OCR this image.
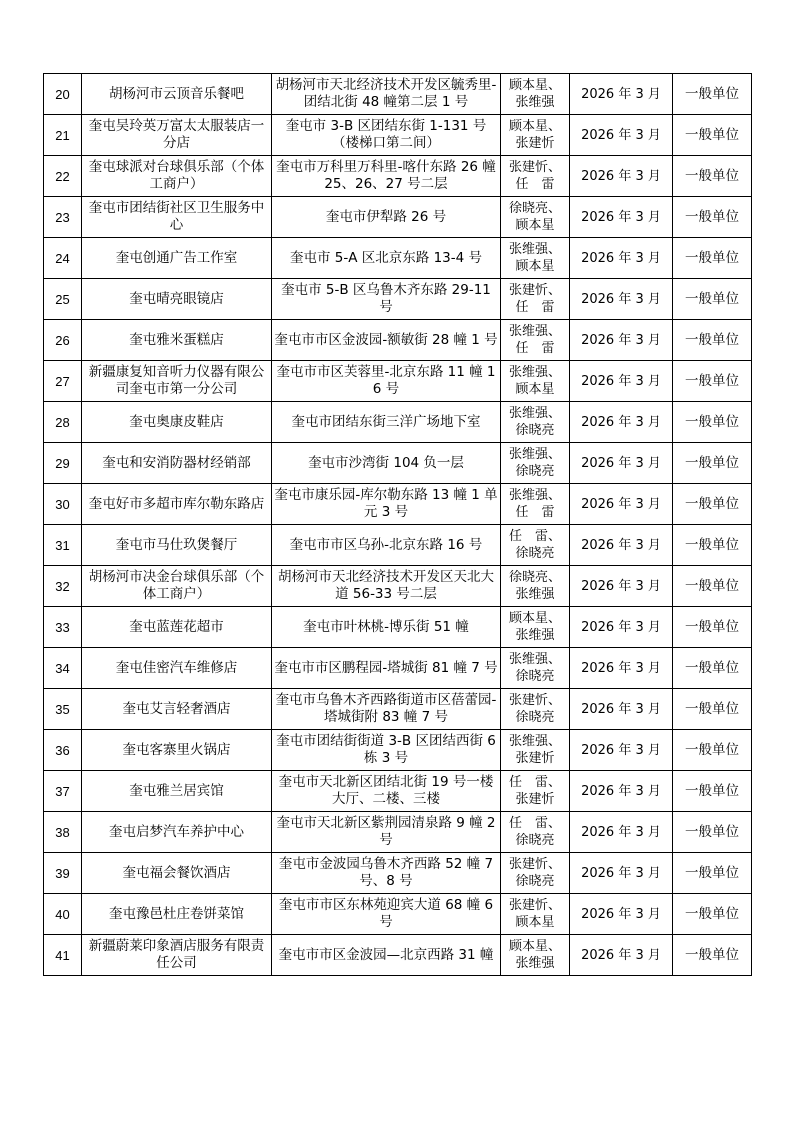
20	胡杨河市云顶音乐餐吧	胡杨河市天北经济技术开发区毓秀里-团结北街 48 幢第二层 1 号	顾本星、张维强	2026 年 3 月	一般单位
21	奎屯吴玲英万富太太服装店一分店	奎屯市 3-B 区团结东街 1-131 号（楼梯口第二间）	顾本星、张建忻	2026 年 3 月	一般单位
22	奎屯球派对台球俱乐部（个体工商户）	奎屯市万科里万科里-喀什东路 26 幢 25、26、27 号二层	张建忻、任　雷	2026 年 3 月	一般单位
23	奎屯市团结街社区卫生服务中心	奎屯市伊犁路 26 号	徐晓亮、顾本星	2026 年 3 月	一般单位
24	奎屯创通广告工作室	奎屯市 5-A 区北京东路 13-4 号	张维强、顾本星	2026 年 3 月	一般单位
25	奎屯晴亮眼镜店	奎屯市 5-B 区乌鲁木齐东路 29-11 号	张建忻、任　雷	2026 年 3 月	一般单位
26	奎屯雅米蛋糕店	奎屯市市区金波园-额敏街 28 幢 1 号	张维强、任　雷	2026 年 3 月	一般单位
27	新疆康复知音听力仪器有限公司奎屯市第一分公司	奎屯市市区芙蓉里-北京东路 11 幢 16 号	张维强、顾本星	2026 年 3 月	一般单位
28	奎屯奥康皮鞋店	奎屯市团结东街三洋广场地下室	张维强、徐晓亮	2026 年 3 月	一般单位
29	奎屯和安消防器材经销部	奎屯市沙湾街 104 负一层	张维强、徐晓亮	2026 年 3 月	一般单位
30	奎屯好市多超市库尔勒东路店	奎屯市康乐园-库尔勒东路 13 幢 1 单元 3 号	张维强、任　雷	2026 年 3 月	一般单位
31	奎屯市马仕玖煲餐厅	奎屯市市区乌孙-北京东路 16 号	任　雷、徐晓亮	2026 年 3 月	一般单位
32	胡杨河市决金台球俱乐部（个体工商户）	胡杨河市天北经济技术开发区天北大道 56-33 号二层	徐晓亮、张维强	2026 年 3 月	一般单位
33	奎屯蓝莲花超市	奎屯市叶林桃-博乐街 51 幢	顾本星、张维强	2026 年 3 月	一般单位
34	奎屯佳密汽车维修店	奎屯市市区鹏程园-塔城街 81 幢 7 号	张维强、徐晓亮	2026 年 3 月	一般单位
35	奎屯艾言轻奢酒店	奎屯市乌鲁木齐西路街道市区蓓蕾园-塔城街附 83 幢 7 号	张建忻、徐晓亮	2026 年 3 月	一般单位
36	奎屯客寨里火锅店	奎屯市团结街街道 3-B 区团结西街 6 栋 3 号	张维强、张建忻	2026 年 3 月	一般单位
37	奎屯雅兰居宾馆	奎屯市天北新区团结北街 19 号一楼大厅、二楼、三楼	任　雷、张建忻	2026 年 3 月	一般单位
38	奎屯启梦汽车养护中心	奎屯市天北新区紫荆园清泉路 9 幢 2 号	任　雷、徐晓亮	2026 年 3 月	一般单位
39	奎屯福会餐饮酒店	奎屯市金波园乌鲁木齐西路 52 幢 7 号、8 号	张建忻、徐晓亮	2026 年 3 月	一般单位
40	奎屯豫邑杜庄卷饼菜馆	奎屯市市区东林苑迎宾大道 68 幢 6 号	张建忻、顾本星	2026 年 3 月	一般单位
41	新疆蔚莱印象酒店服务有限责任公司	奎屯市市区金波园—北京西路 31 幢	顾本星、张维强	2026 年 3 月	一般单位
